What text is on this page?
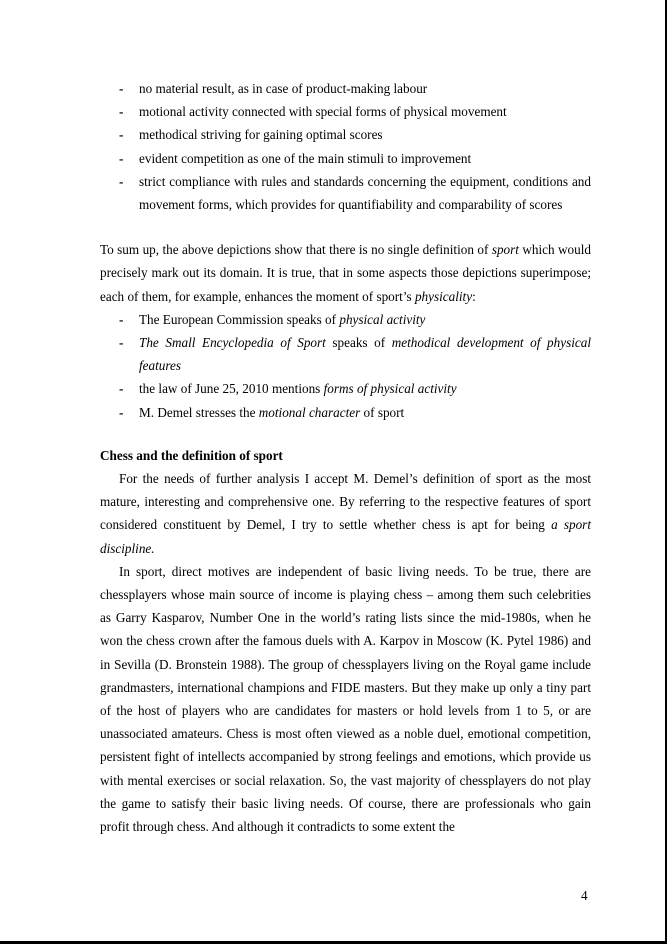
- no material result, as in case of product-making labour
- motional activity connected with special forms of physical movement
- methodical striving for gaining optimal scores
- evident competition as one of the main stimuli to improvement
- strict compliance with rules and standards concerning the equipment, conditions and movement forms, which provides for quantifiability and comparability of scores

To sum up, the above depictions show that there is no single definition of sport which would precisely mark out its domain. It is true, that in some aspects those depictions superimpose; each of them, for example, enhances the moment of sport’s physicality:

- The European Commission speaks of physical activity
- The Small Encyclopedia of Sport speaks of methodical development of physical features
- the law of June 25, 2010 mentions forms of physical activity
- M. Demel stresses the motional character of sport
Chess and the definition of sport

For the needs of further analysis I accept M. Demel’s definition of sport as the most mature, interesting and comprehensive one. By referring to the respective features of sport considered constituent by Demel, I try to settle whether chess is apt for being a sport discipline.

In sport, direct motives are independent of basic living needs. To be true, there are chessplayers whose main source of income is playing chess – among them such celebrities as Garry Kasparov, Number One in the world’s rating lists since the mid-1980s, when he won the chess crown after the famous duels with A. Karpov in Moscow (K. Pytel 1986) and in Sevilla (D. Bronstein 1988). The group of chessplayers living on the Royal game include grandmasters, international champions and FIDE masters. But they make up only a tiny part of the host of players who are candidates for masters or hold levels from 1 to 5, or are unassociated amateurs. Chess is most often viewed as a noble duel, emotional competition, persistent fight of intellects accompanied by strong feelings and emotions, which provide us with mental exercises or social relaxation. So, the vast majority of chessplayers do not play the game to satisfy their basic living needs. Of course, there are professionals who gain profit through chess. And although it contradicts to some extent the

4
